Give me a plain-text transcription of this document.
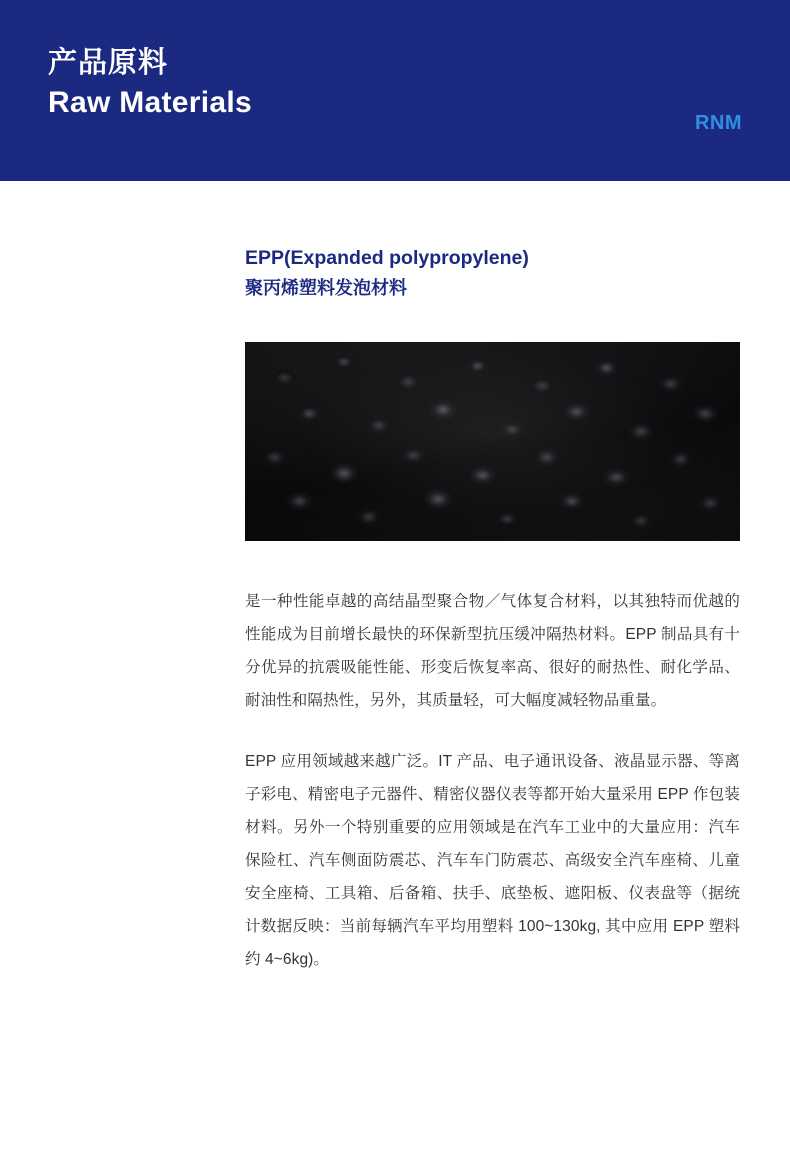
产品原料
Raw Materials
RNM
EPP(Expanded polypropylene)
聚丙烯塑料发泡材料

是一种性能卓越的高结晶型聚合物／气体复合材料，以其独特而优越的性能成为目前增长最快的环保新型抗压缓冲隔热材料。EPP 制品具有十分优异的抗震吸能性能、形变后恢复率高、很好的耐热性、耐化学品、耐油性和隔热性，另外，其质量轻，可大幅度减轻物品重量。

EPP 应用领域越来越广泛。IT 产品、电子通讯设备、液晶显示器、等离子彩电、精密电子元器件、精密仪器仪表等都开始大量采用 EPP 作包装材料。另外一个特别重要的应用领域是在汽车工业中的大量应用：汽车保险杠、汽车侧面防震芯、汽车车门防震芯、高级安全汽车座椅、儿童安全座椅、工具箱、后备箱、扶手、底垫板、遮阳板、仪表盘等（据统计数据反映：当前每辆汽车平均用塑料 100~130kg, 其中应用 EPP 塑料约 4~6kg)。
